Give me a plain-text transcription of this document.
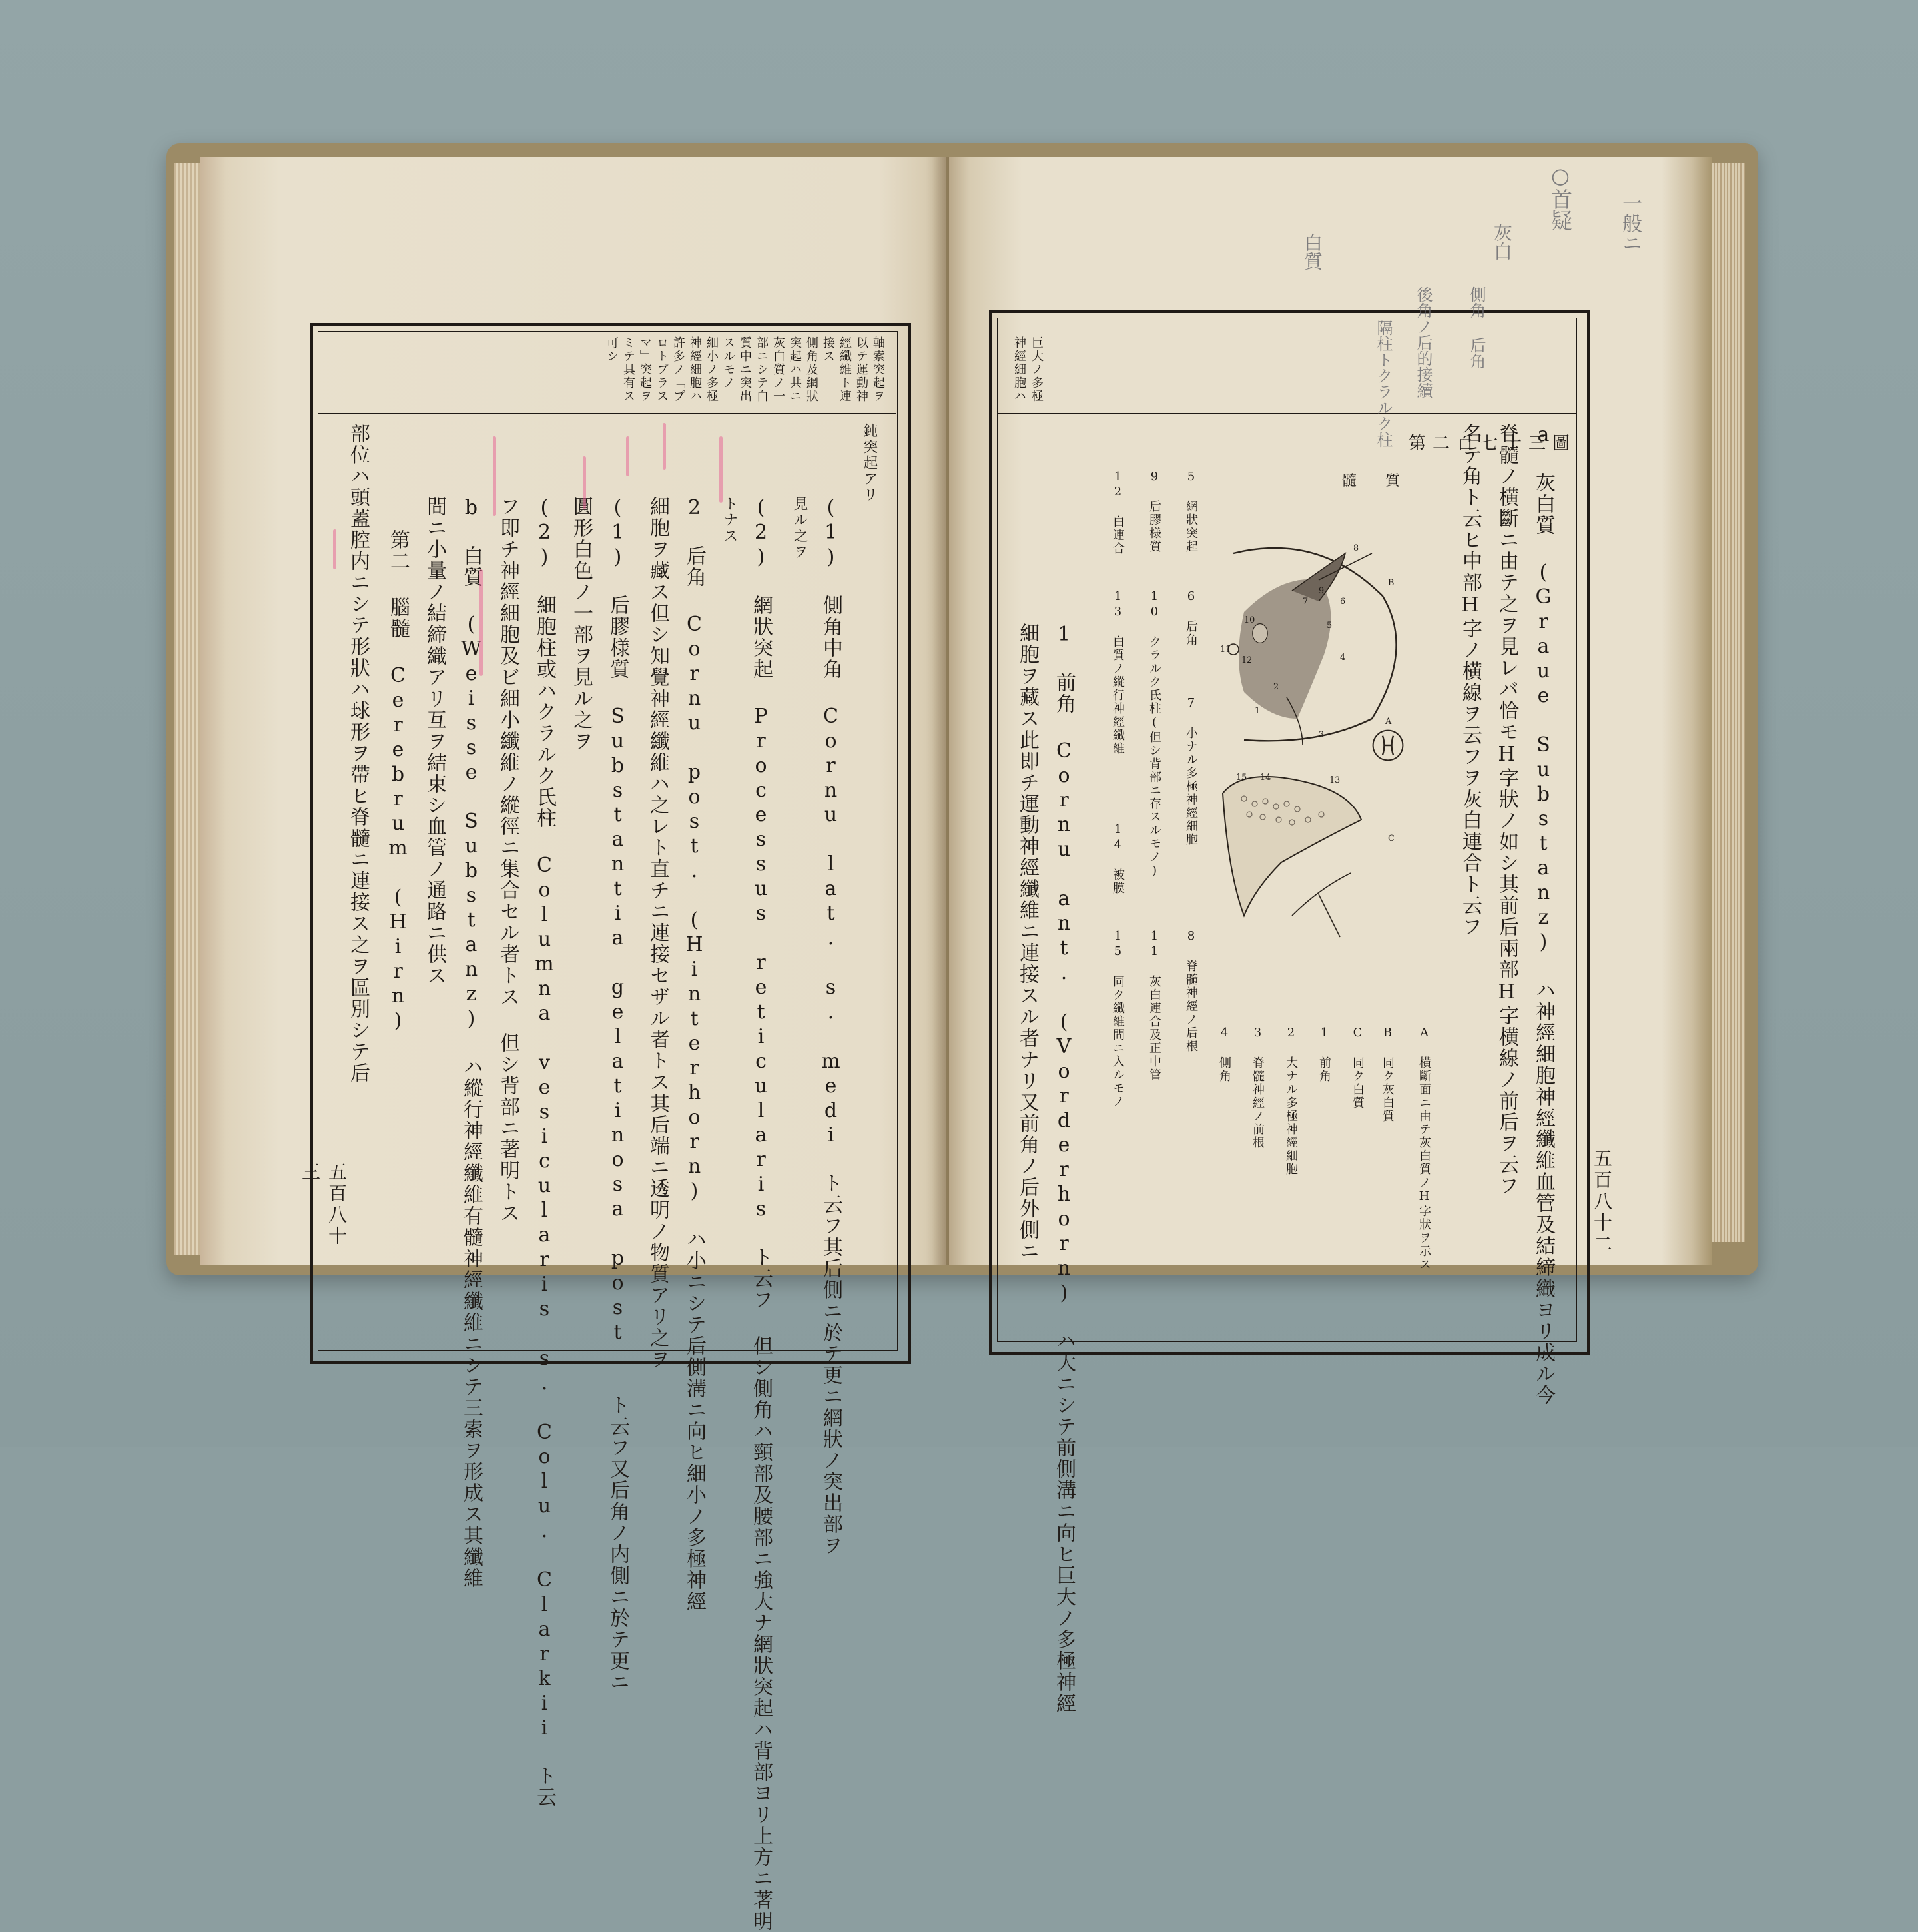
軸索突起ヲ
以テ運動神
經纖維ト連
接ス
側角及網狀
突起ハ共ニ
灰白質ノ一
部ニシテ白
質中ニ突出
スルモノ
細小ノ多極
神經細胞ハ
許多ノ「プ
ロトプラス
マ」突起ヲ
ミテ具有ス
可シ
鈍突起アリ
(1) 側角中角 Cornu lat. s. medi ト云フ其后側ニ於テ更ニ網狀ノ突出部ヲ
見ル之ヲ
(2) 網狀突起 Processus reticularis ト云フ 但シ側角ハ頸部及腰部ニ強大ナ網狀突起ハ背部ヨリ上方ニ著明
トナス
2 后角 Cornu post. (Hinterhorn) ハ小ニシテ后側溝ニ向ヒ細小ノ多極神經
細胞ヲ藏ス但シ知覺神經纖維ハ之レト直チニ連接セザル者トス其后端ニ透明ノ物質アリ之ヲ
(1) 后膠様質 Substantia gelatinosa post. ト云フ又后角ノ内側ニ於テ更ニ
圓形白色ノ一部ヲ見ル之ヲ
(2) 細胞柱或ハクラルク氏柱 Columna vesicularis s. Colu. Clarkii ト云
フ即チ神經細胞及ビ細小纖維ノ縱徑ニ集合セル者トス 但シ背部ニ著明トス
b 白質 (Weisse Substanz) ハ縱行神經纖維有髓神經纖維ニシテ三索ヲ形成ス其纖維
間ニ小量ノ結締織アリ互ヲ結束シ血管ノ通路ニ供ス
第二 腦髓 Cerebrum (Hirn)
部位ハ頭蓋腔内ニシテ形狀ハ球形ヲ帶ヒ脊髓ニ連接ス之ヲ區別シテ后
五百八十三
巨大ノ多極
神經細胞ハ
a 灰白質 (Graue Substanz) ハ神經細胞神經纖維血管及結締織ヨリ成ル今
脊髓ノ横斷ニ由テ之ヲ見レバ恰モH字狀ノ如シ其前后兩部H字横線ノ前后ヲ云フ
名テ角ト云ヒ中部H字ノ横線ヲ云フヲ灰白連合ト云フ
1 前角 Cornu ant. (Vorderhorn) ハ大ニシテ前側溝ニ向ヒ巨大ノ多極神經
細胞ヲ藏ス此即チ運動神經纖維ニ連接スル者ナリ又前角ノ后外側ニ
第二百七十三圖
髓 質
5 網狀突起
6 后角
7 小ナル多極神經細胞
8 脊髓神經ノ后根
9 后膠様質
10 クラルク氏柱(但シ背部ニ存スルモノ)
11 灰白連合及正中管
12 白連合
13 白質ノ縱行神經纖維
14 被膜
15 同ク纖維間ニ入ルモノ
A 横斷面ニ由テ灰白質ノH字狀ヲ示ス
B 同ク灰白質
C 同ク白質
1 前角
2 大ナル多極神經細胞
3 脊髓神經ノ前根
4 側角
B
A
C
8
9
6
7
10
11
12
2
1
3
4
5
15 14	13
五百八十二
一般ニ
○首疑
灰白
白質
側角 后角
後角ノ后的接續
隔柱トクラルク柱
